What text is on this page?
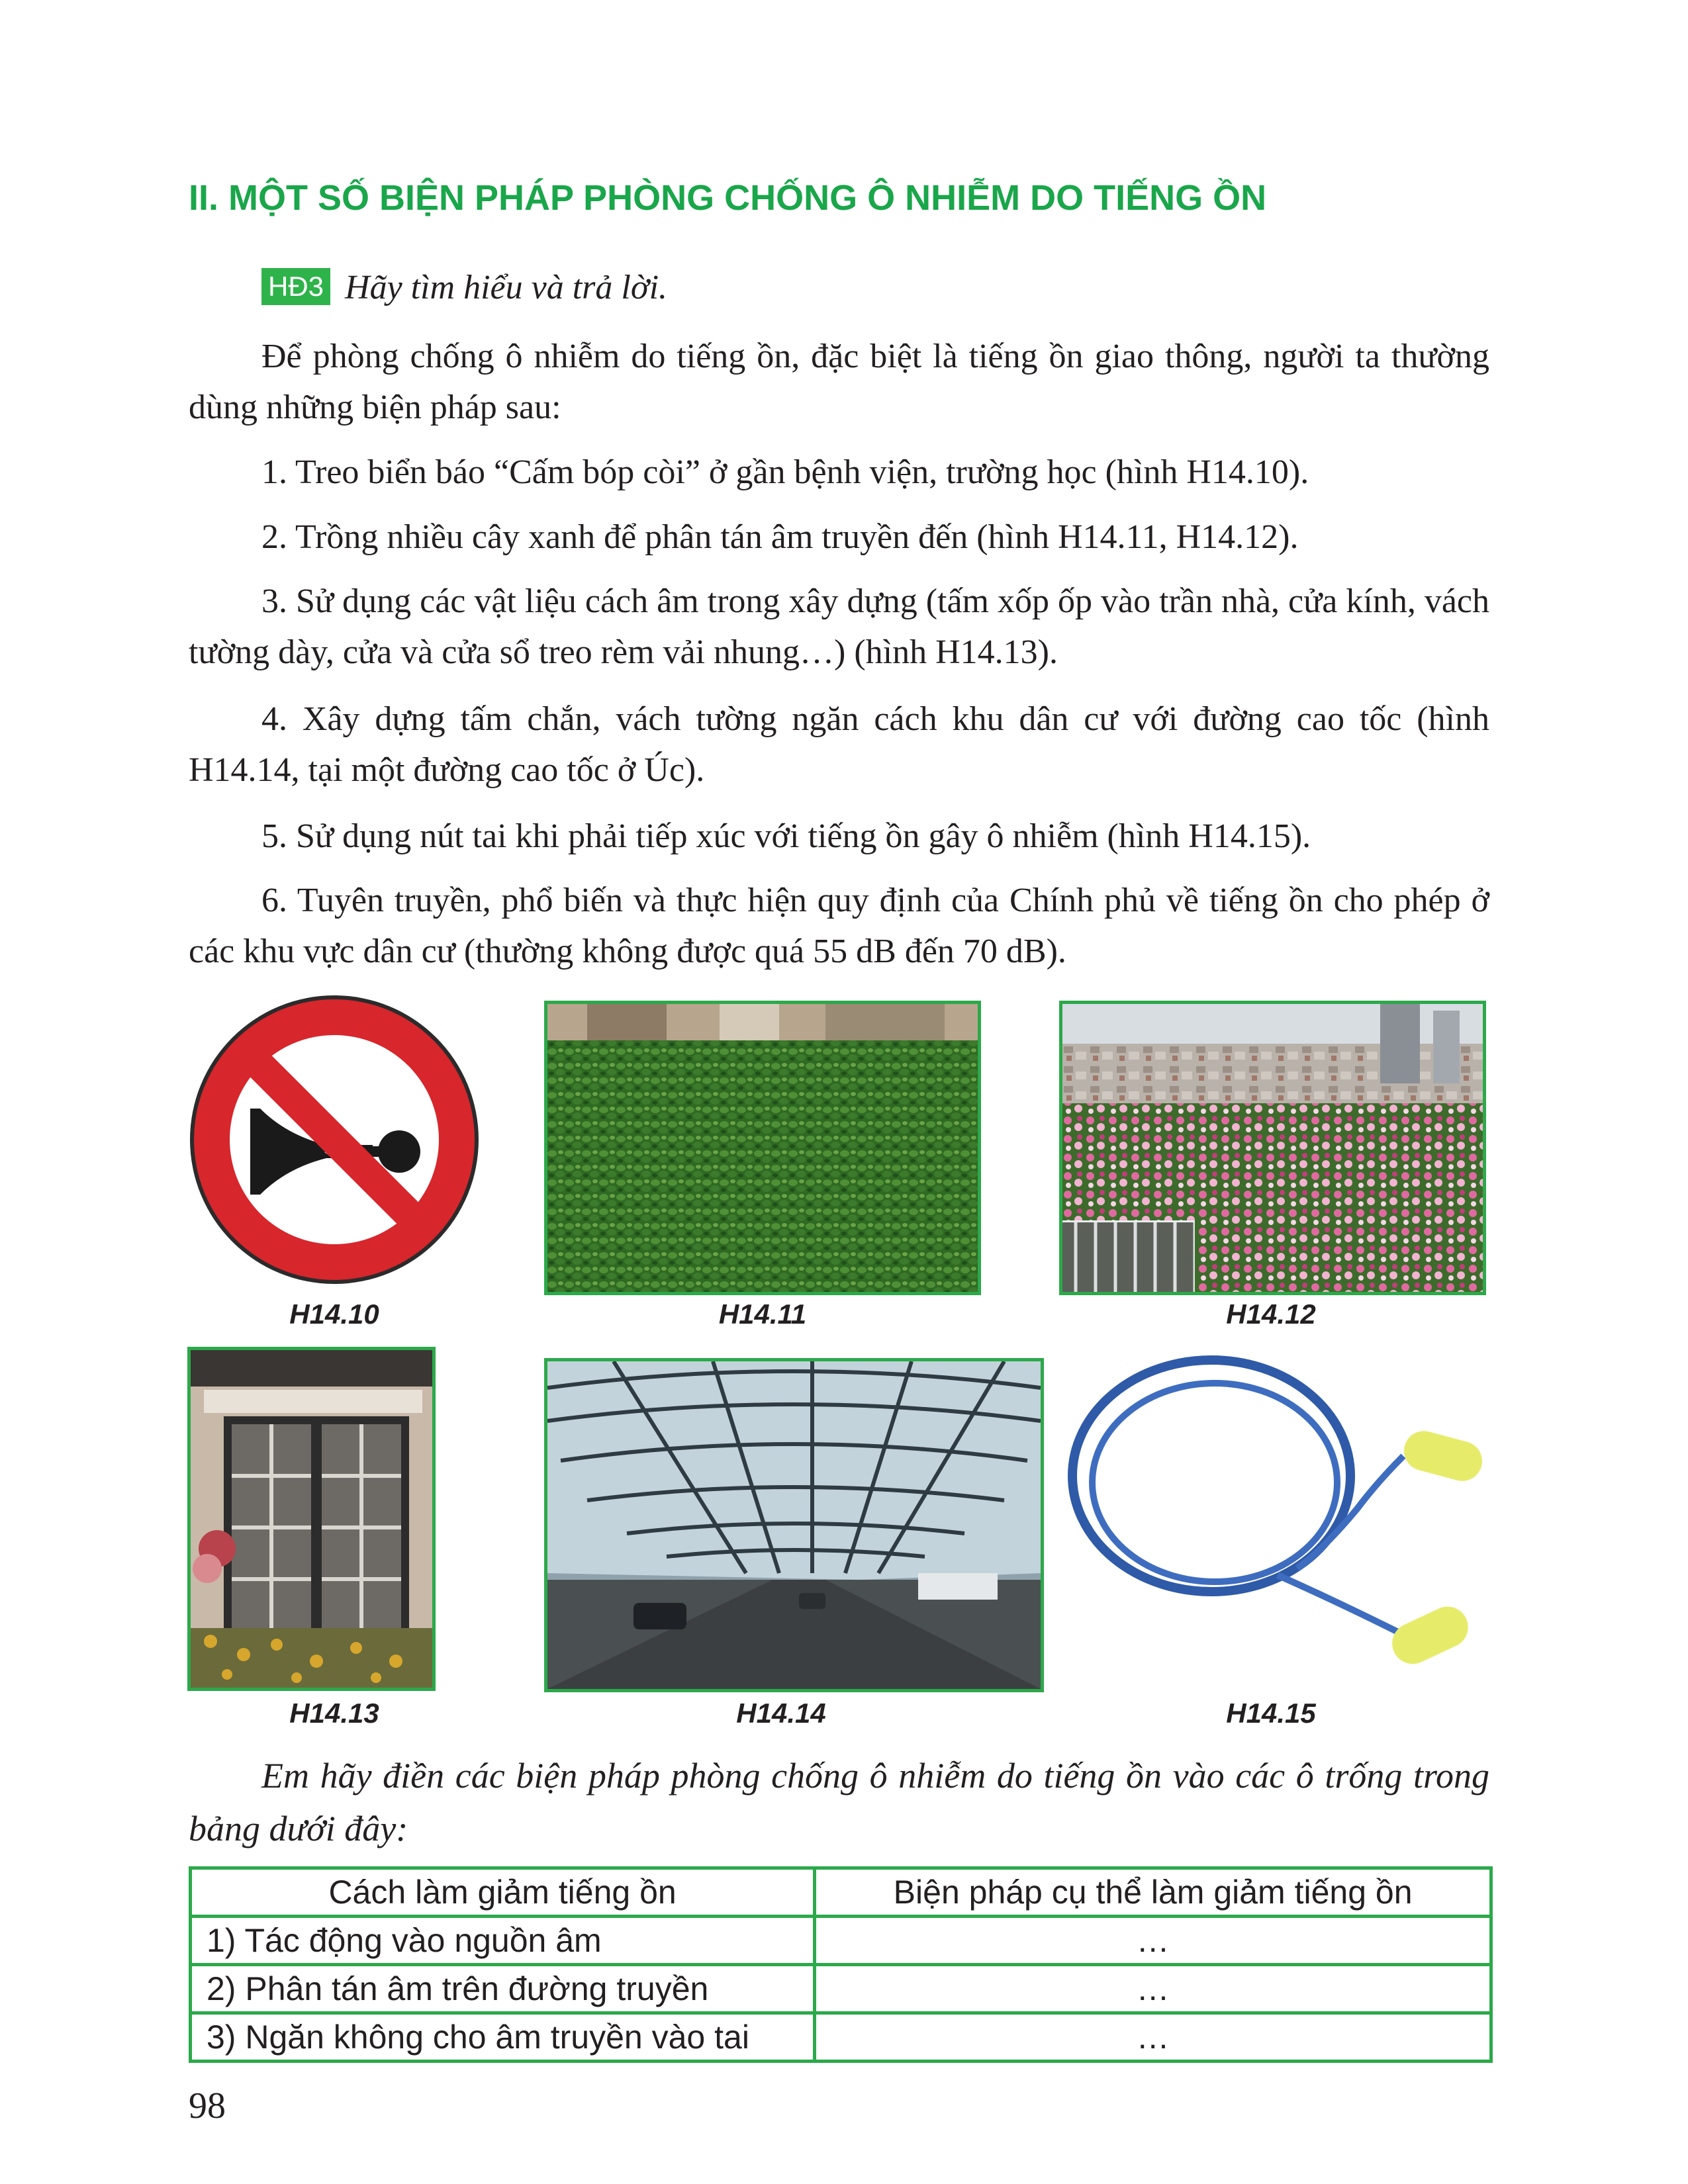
II. MỘT SỐ BIỆN PHÁP PHÒNG CHỐNG Ô NHIỄM DO TIẾNG ỒN
HĐ3 Hãy tìm hiểu và trả lời.
Để phòng chống ô nhiễm do tiếng ồn, đặc biệt là tiếng ồn giao thông, người ta thường dùng những biện pháp sau:
1. Treo biển báo “Cấm bóp còi” ở gần bệnh viện, trường học (hình H14.10).
2. Trồng nhiều cây xanh để phân tán âm truyền đến (hình H14.11, H14.12).
3. Sử dụng các vật liệu cách âm trong xây dựng (tấm xốp ốp vào trần nhà, cửa kính, vách tường dày, cửa và cửa sổ treo rèm vải nhung…) (hình H14.13).
4. Xây dựng tấm chắn, vách tường ngăn cách khu dân cư với đường cao tốc (hình H14.14, tại một đường cao tốc ở Úc).
5. Sử dụng nút tai khi phải tiếp xúc với tiếng ồn gây ô nhiễm (hình H14.15).
6. Tuyên truyền, phổ biến và thực hiện quy định của Chính phủ về tiếng ồn cho phép ở các khu vực dân cư (thường không được quá 55 dB đến 70 dB).
H14.10	H14.11	H14.12
H14.13	H14.14	H14.15
Em hãy điền các biện pháp phòng chống ô nhiễm do tiếng ồn vào các ô trống trong bảng dưới đây:
Cách làm giảm tiếng ồn	Biện pháp cụ thể làm giảm tiếng ồn
1) Tác động vào nguồn âm	…
2) Phân tán âm trên đường truyền	…
3) Ngăn không cho âm truyền vào tai	…
98
